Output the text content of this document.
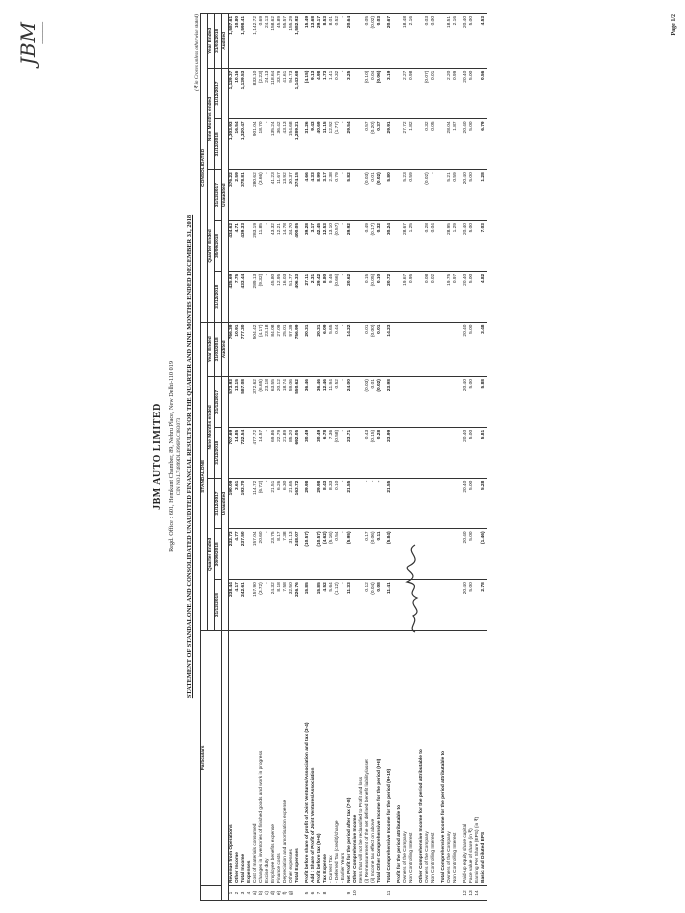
JBM ━━━━━━━━━
JBM AUTO LIMITED Regd. Office : 601, Hemkunt Chamber, 89, Nehru Place, New Delhi-110 019 CIN NO.L74899DL1996PLC083073 STATEMENT OF STANDALONE AND CONSOLIDATED UNAUDITED FINANCIAL RESULTS FOR THE QUARTER AND NINE MONTHS ENDED DECEMBER 31, 2018
(₹ in Crores unless otherwise stated)
	Particulars	STANDALONE						CONSOLIDATED					
		Quarter Ended			Nine Months ended		Year Ended	Quarter Ended			Nine Months ended		Year Ended
		31/12/2018	30/09/2018	31/12/2017	31/12/2018	31/12/2017	31/03/2018	31/12/2018	30/09/2018	31/12/2017	31/12/2018	31/12/2017	31/03/2018
		Unaudited					Audited	Unaudited					Audited
1	Revenue from Operations	238.44	232.73	190.09	707.69	573.93	766.39	425.69	434.62	376.22	1,303.93	1,129.37	1,587.61
2	Other Income	4.17	4.77	3.61	14.85	13.15	10.91	7.75	4.71	2.59	16.54	10.16	10.80
3	Total Income	242.61	237.50	193.70	722.54	587.08	777.30	433.44	439.33	378.81	1,320.47	1,139.53	1,598.41
4	Expenses												
a)	Cost of materials consumed	157.90	157.04	114.72	477.72	372.62	504.42	289.13	283.19	280.62	901.04	833.10	1,142.72
b)	Changes in inventories of finished goods and work in progress	(3.72)	20.60	(6.72)	14.57	(6.65)	(4.17)	(9.32)	11.85	(3.66)	18.70	(2.23)	0.69
c)	Excise duty	-	-	-	-	23.18	23.18	-	-	-	-	24.13	24.13
d)	Employee benefits expense	24.32	23.75	21.51	69.86	63.55	84.08	45.80	43.32	41.23	135.24	118.64	158.62
e)	Finance costs	8.18	8.17	6.26	22.79	20.12	27.09	12.95	12.21	11.67	36.42	33.79	45.89
f)	Depreciation and amortisation expense	7.58	7.38	6.30	21.89	18.74	25.01	16.03	14.78	13.92	43.13	41.61	55.57
g)	Other expenses	32.50	31.13	21.65	85.20	59.06	97.39	51.77	34.70	30.37	154.68	94.73	155.29
	Total Expenses	226.76	248.07	163.72	692.05	550.62	756.99	406.33	400.05	374.15	1,289.21	1,143.68	1,582.92

5	Profit before share of profit of Joint Ventures/Association and tax (3-4)	15.85	(10.57)	29.98	30.49	36.46	20.31	27.11	39.28	4.66	31.26	(4.15)	15.49
6	Add : Share of Profit of Joint Ventures/Association							2.31	3.17	4.33	9.43	9.13	13.68
7	Profit before tax (5+6)	15.85	(10.57)	29.98	30.49	36.46	20.31	29.42	42.45	8.99	40.69	4.98	29.17
8	Tax Expense	4.52	(4.62)	8.43	6.78	12.46	6.09	8.80	12.53	3.17	11.15	1.73	8.53
	- Current Tax	5.64	(5.16)	8.33	7.36	11.94	5.65	9.46	13.10	2.38	12.92	1.41	8.01
	- Deferred Tax (credit)/charge	(1.12)	0.54	0.10	(0.58)	0.52	0.44	(0.66)	(0.57)	0.79	(1.77)	0.32	0.52
	- Earlier Years	-	-	-	-	-	-	-	-	-	-	-	-
9	Net Profit for the period after tax (7-8)	11.33	(5.95)	21.55	23.71	24.00	14.22	20.62	29.92	5.82	29.54	3.25	20.64
10	Other Comprehensive Income												
	Items that will not be reclassified to Profit and loss												
	(i) Remeasurement of the net defined benefit liability/asset	0.12	0.17	-	0.43	(0.03)	0.01	0.15	0.49	(0.03)	0.57	(0.10)	0.05
	(ii) Income tax effect on above	(0.04)	(0.06)	-	(0.15)	0.01	(0.00)	(0.05)	(0.17)	0.01	(0.20)	0.04	(0.02)
	Total Other Comprehensive Income for the period (I+II)	0.08	0.11	-	0.28	(0.02)	0.01	0.10	0.32	(0.02)	0.37	(0.06)	0.03

11	Total Comprehensive Income for the period (9+10)	11.41	(5.84)	21.55	23.99	23.98	14.23	20.72	30.24	5.80	29.91	3.19	20.67

	Profit for the period attributable to												
	Owners of the Company							19.67	28.67	5.23	27.72	2.27	18.48
	Non Controlling Interest							0.95	1.25	0.59	1.82	0.98	2.16

	Other Comprehensive Income for the period attributable to												
	Owners of the Company							0.08	0.28	(0.02)	0.32	(0.07)	0.03
	Non Controlling Interest							0.02	0.04	-	0.05	0.01	0.00

	Total Comprehensive Income for the period attributable to												
	Owners of the Company							19.75	28.95	5.21	28.04	2.20	18.51
	Non Controlling Interest							0.97	1.29	0.59	1.87	0.99	2.16

12	Paid-up equity share capital	20.40	20.40	20.40	20.40	20.40	20.40	20.40	20.40	20.40	20.40	20.40	20.40
13	Face value of share (in ₹)	5.00	5.00	5.00	5.00	5.00	5.00	5.00	5.00	5.00	5.00	5.00	5.00
14	Earning Per Share (EPS) (in ₹)												
	Basic and Diluted EPS	2.78	(1.46)	5.28	5.81	5.88	3.48	4.82	7.03	1.28	6.79	0.56	4.53	Page 1/2
